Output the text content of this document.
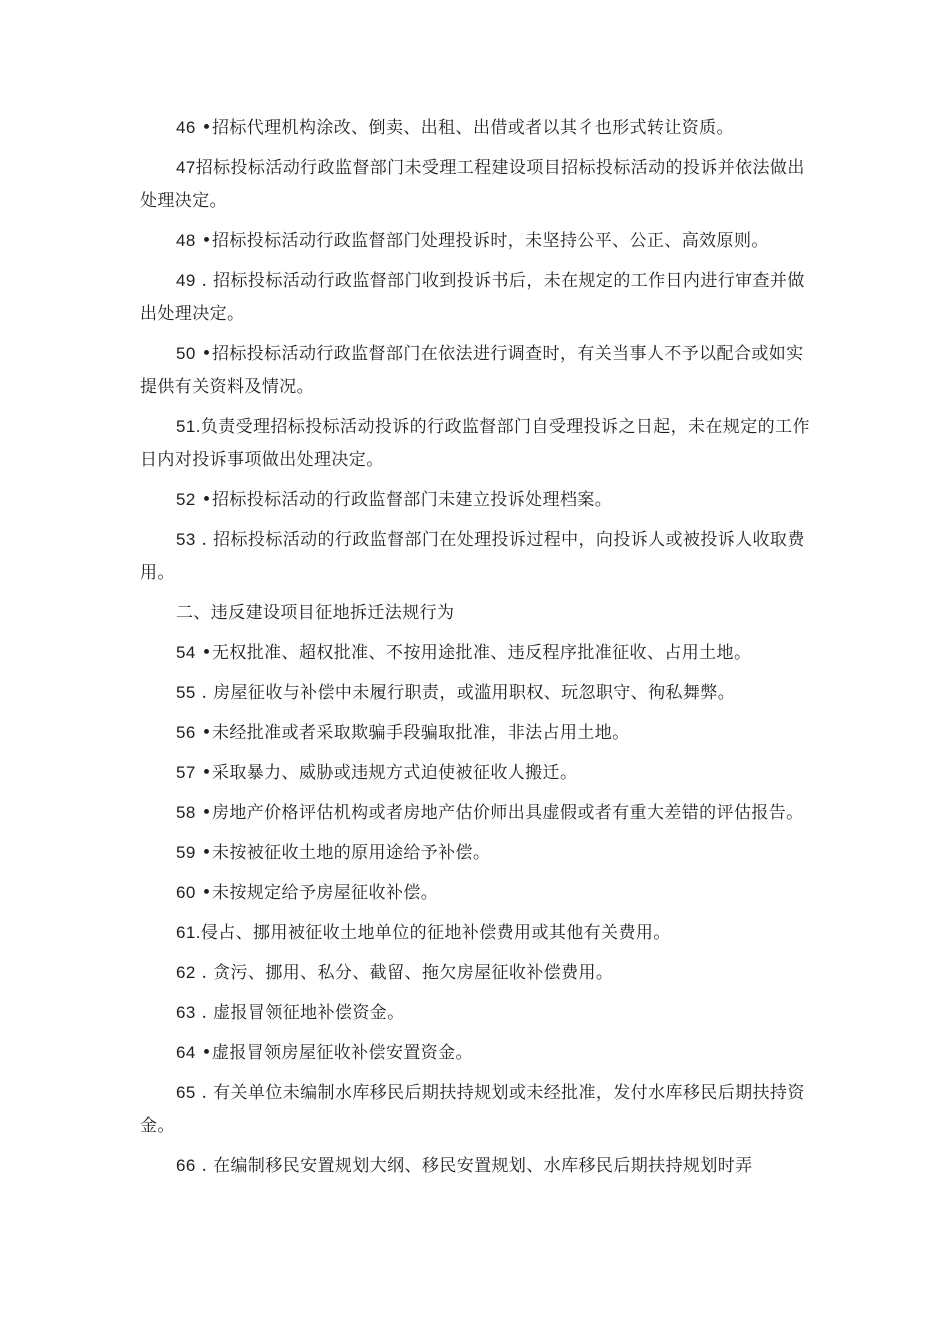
46 •招标代理机构涂改、倒卖、出租、出借或者以其彳也形式转让资质。

47招标投标活动行政监督部门未受理工程建设项目招标投标活动的投诉并依法做出处理决定。

48 •招标投标活动行政监督部门处理投诉时，未坚持公平、公正、高效原则。

49 . 招标投标活动行政监督部门收到投诉书后，未在规定的工作日内进行审查并做出处理决定。

50 •招标投标活动行政监督部门在依法进行调查时，有关当事人不予以配合或如实提供有关资料及情况。

51.负责受理招标投标活动投诉的行政监督部门自受理投诉之日起，未在规定的工作日内对投诉事项做出处理决定。

52 •招标投标活动的行政监督部门未建立投诉处理档案。

53 . 招标投标活动的行政监督部门在处理投诉过程中，向投诉人或被投诉人收取费用。

二、违反建设项目征地拆迁法规行为

54 •无权批准、超权批准、不按用途批准、违反程序批准征收、占用土地。

55 . 房屋征收与补偿中未履行职责，或滥用职权、玩忽职守、徇私舞弊。

56 •未经批准或者采取欺骗手段骗取批准，非法占用土地。

57 •采取暴力、威胁或违规方式迫使被征收人搬迁。

58 •房地产价格评估机构或者房地产估价师出具虚假或者有重大差错的评估报告。

59 •未按被征收土地的原用途给予补偿。

60 •未按规定给予房屋征收补偿。

61.侵占、挪用被征收土地单位的征地补偿费用或其他有关费用。

62 . 贪污、挪用、私分、截留、拖欠房屋征收补偿费用。

63 . 虚报冒领征地补偿资金。

64 •虚报冒领房屋征收补偿安置资金。

65 . 有关单位未编制水库移民后期扶持规划或未经批准，发付水库移民后期扶持资金。

66 . 在编制移民安置规划大纲、移民安置规划、水库移民后期扶持规划时弄
